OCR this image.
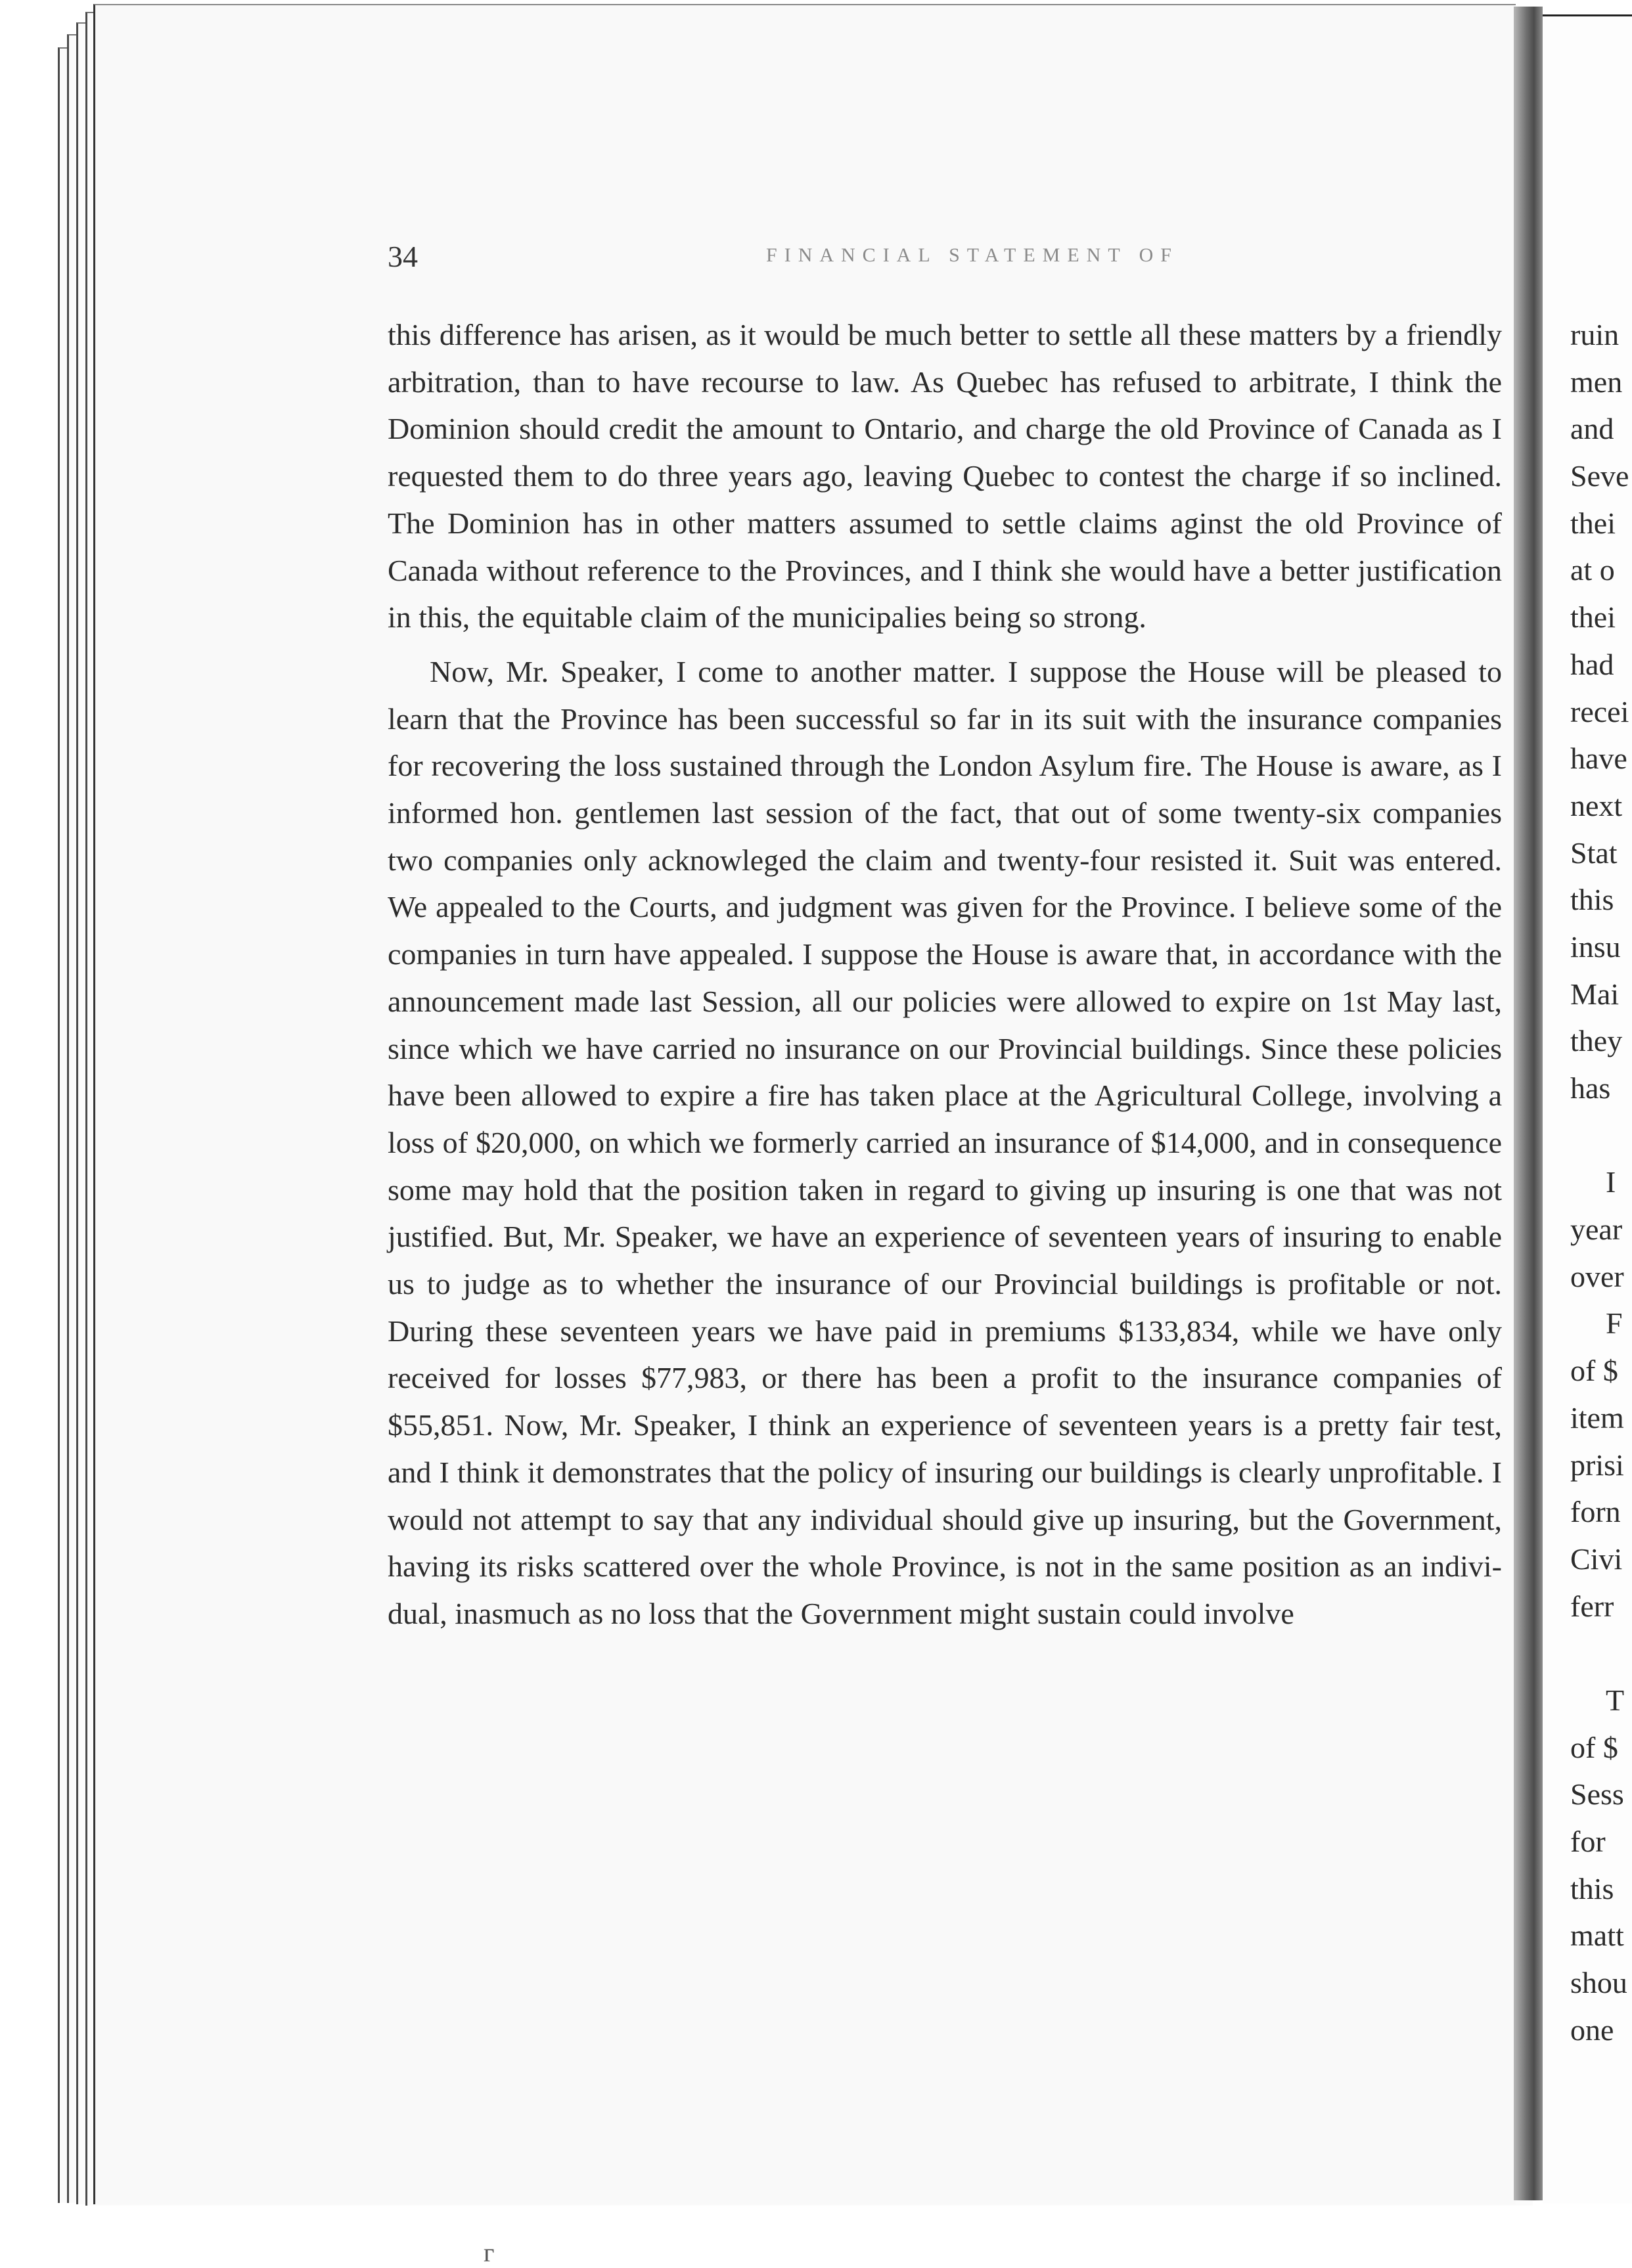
34	FINANCIAL STATEMENT OF

this difference has arisen, as it would be much better to settle all these matters by a friendly arbitration, than to have recourse to law. As Quebec has refused to arbitrate, I think the Dominion should credit the amount to Ontario, and charge the old Province of Canada as I requested them to do three years ago, leaving Quebec to contest the charge if so inclined. The Dominion has in other matters assumed to settle claims aginst the old Province of Canada without reference to the Provinces, and I think she would have a better justification in this, the equitable claim of the municipalies being so strong.

Now, Mr. Speaker, I come to another matter. I suppose the House will be pleased to learn that the Province has been successful so far in its suit with the insurance companies for recovering the loss sustained through the London Asylum fire. The House is aware, as I informed hon. gentlemen last session of the fact, that out of some twenty-six companies two companies only acknowleged the claim and twenty-four resisted it. Suit was entered. We appealed to the Courts, and judgment was given for the Province. I believe some of the companies in turn have appealed. I suppose the House is aware that, in accordance with the announcement made last Session, all our policies were allowed to expire on 1st May last, since which we have carried no insurance on our Provincial buildings. Since these policies have been allowed to expire a fire has taken place at the Agricultural College, involving a loss of $20,000, on which we formerly carried an insurance of $14,000, and in consequence some may hold that the position taken in regard to giving up insuring is one that was not justified. But, Mr. Speaker, we have an experience of seventeen years of insuring to enable us to judge as to whether the insurance of our Provincial buildings is profitable or not. During these seventeen years we have paid in premiums $133,834, while we have only received for losses $77,983, or there has been a profit to the insurance companies of $55,851. Now, Mr. Speaker, I think an experience of seventeen years is a pretty fair test, and I think it demonstrates that the policy of insuring our buildings is clearly unprofitable. I would not attempt to say that any individual should give up insuring, but the Government, having its risks scattered over the whole Province, is not in the same position as an individual, inasmuch as no loss that the Government might sustain could involve

ruin
men
and
Seve
thei
at o
thei
had
recei
have
next
Stat
this
insu
Mai
they
has
I
year
over
F
of $
item
prisi
forn
Civi
ferr
T
of $
Sess
for
this
matt
shou
one
г
